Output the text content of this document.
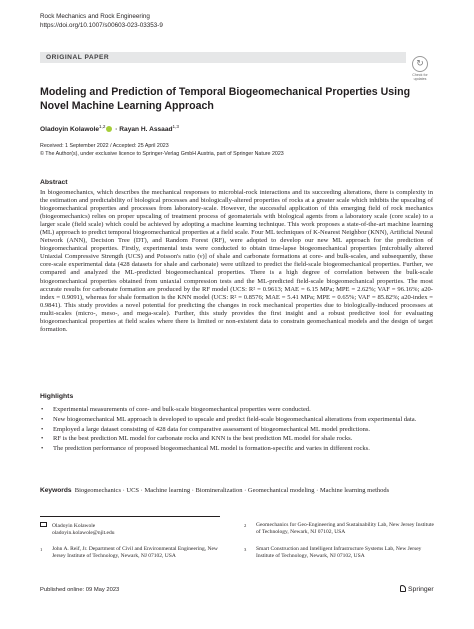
Rock Mechanics and Rock Engineering
https://doi.org/10.1007/s00603-023-03353-9
ORIGINAL PAPER
↻
Check for
updates
Modeling and Prediction of Temporal Biogeomechanical Properties Using Novel Machine Learning Approach
Oladoyin Kolawole$^{1,2}$ · Rayan H. Assaad$^{1,3}$
Received: 1 September 2022 / Accepted: 25 April 2023
© The Author(s), under exclusive licence to Springer-Verlag GmbH Austria, part of Springer Nature 2023
Abstract

In biogeomechanics, which describes the mechanical responses to microbial-rock interactions and its succeeding alterations, there is complexity in the estimation and predictability of biological processes and biologically-altered properties of rocks at a greater scale which inhibits the upscaling of biogeomechanical properties and processes from laboratory-scale. However, the successful application of this emerging field of rock mechanics (biogeomechanics) relies on proper upscaling of treatment process of geomaterials with biological agents from a laboratory scale (core scale) to a larger scale (field scale) which could be achieved by adopting a machine learning technique. This work proposes a state-of-the-art machine learning (ML) approach to predict temporal biogeomechanical properties at a field scale. Four ML techniques of K-Nearest Neighbor (KNN), Artificial Neural Network (ANN), Decision Tree (DT), and Random Forest (RF), were adopted to develop our new ML approach for the prediction of biogeomechanical properties. Firstly, experimental tests were conducted to obtain time-lapse biogeomechanical properties [microbially altered Uniaxial Compressive Strength (UCS) and Poisson's ratio (ν)] of shale and carbonate formations at core- and bulk-scales, and subsequently, these core-scale experimental data (428 datasets for shale and carbonate) were utilized to predict the field-scale biogeomechanical properties. Further, we compared and analyzed the ML-predicted biogeomechanical properties. There is a high degree of correlation between the bulk-scale biogeomechanical properties obtained from uniaxial compression tests and the ML-predicted field-scale biogeomechanical properties. The most accurate results for carbonate formation are produced by the RF model (UCS: R² = 0.9613; MAE = 6.15 MPa; MPE = 2.62%; VAF = 96.16%; a20-index = 0.9091), whereas for shale formation is the KNN model (UCS: R² = 0.8576; MAE = 5.41 MPa; MPE = 0.65%; VAF = 85.82%; a20-index = 0.9841). This study provides a novel potential for predicting the changes in rock mechanical properties due to biologically-induced processes at multi-scales (micro-, meso-, and mega-scale). Further, this study provides the first insight and a robust predictive tool for evaluating biogeomechanical properties at field scales where there is limited or non-existent data to constrain geomechanical models and the design of target formation.

Highlights
• Experimental measurements of core- and bulk-scale biogeomechanical properties were conducted.
• New biogeomechanical ML approach is developed to upscale and predict field-scale biogeomechanical alterations from experimental data.
• Employed a large dataset consisting of 428 data for comparative assessment of biogeomechanical ML model predictions.
• RF is the best prediction ML model for carbonate rocks and KNN is the best prediction ML model for shale rocks.
• The prediction performance of proposed biogeomechanical ML model is formation-specific and varies in different rocks.
Keywords Biogeomechanics · UCS · Machine learning · Biomineralization · Geomechanical modeling · Machine learning methods
Oladoyin Kolawole
oladoyin.kolawole@njit.edu
1	John A. Reif, Jr. Department of Civil and Environmental Engineering, New Jersey Institute of Technology, Newark, NJ 07102, USA
2	Geomechanics for Geo-Engineering and Sustainability Lab, New Jersey Institute of Technology, Newark, NJ 07102, USA
3	Smart Construction and Intelligent Infrastructure Systems Lab, New Jersey Institute of Technology, Newark, NJ 07102, USA
Published online: 09 May 2023	Springer
